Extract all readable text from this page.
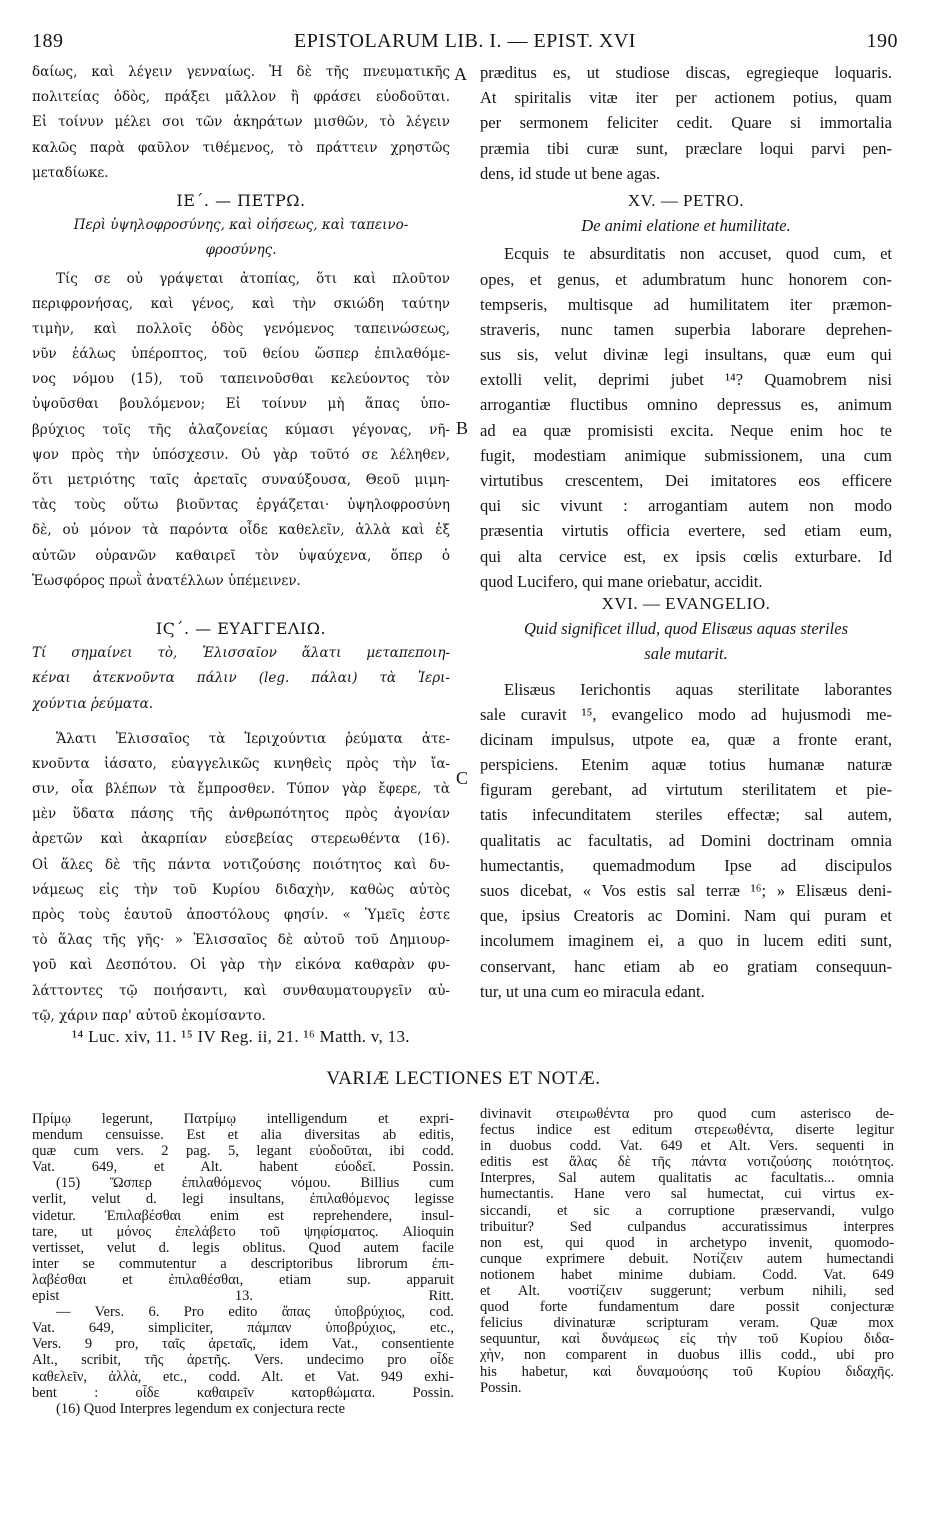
189	EPISTOLARUM LIB. I. — EPIST. XVI	190
δαίως, καὶ λέγειν γενναίως. Ἡ δὲ τῆς πνευματικῆς
πολιτείας ὁδὸς, πράξει μᾶλλον ἢ φράσει εὐοδοῦται.
Εἰ τοίνυν μέλει σοι τῶν ἀκηράτων μισθῶν, τὸ λέγειν
καλῶς παρὰ φαῦλον τιθέμενος, τὸ πράττειν χρηστῶς
μεταδίωκε.
ΙΕ΄. — ΠΕΤΡΩ.
Περὶ ὑψηλοφροσύνης, καὶ οἰήσεως, καὶ ταπεινο-
φροσύνης.
Τίς σε οὐ γράψεται ἀτοπίας, ὅτι καὶ πλοῦτον
περιφρονήσας, καὶ γένος, καὶ τὴν σκιώδη ταύτην
τιμὴν, καὶ πολλοῖς ὁδὸς γενόμενος ταπεινώσεως,
νῦν ἑάλως ὑπέροπτος, τοῦ θείου ὥσπερ ἐπιλαθόμε-
νος νόμου (15), τοῦ ταπεινοῦσθαι κελεύοντος τὸν
ὑψοῦσθαι βουλόμενον; Εἰ τοίνυν μὴ ἅπας ὑπο-
βρύχιος τοῖς τῆς ἀλαζονείας κύμασι γέγονας, νῆ-
ψον πρὸς τὴν ὑπόσχεσιν. Οὐ γὰρ τοῦτό σε λέληθεν,
ὅτι μετριότης ταῖς ἀρεταῖς συναύξουσα, Θεοῦ μιμη-
τὰς τοὺς οὕτω βιοῦντας ἐργάζεται· ὑψηλοφροσύνη
δὲ, οὐ μόνον τὰ παρόντα οἶδε καθελεῖν, ἀλλὰ καὶ ἐξ
αὐτῶν οὐρανῶν καθαιρεῖ τὸν ὑψαύχενα, ὅπερ ὁ
Ἑωσφόρος πρωῒ ἀνατέλλων ὑπέμεινεν.
ΙϚ΄. — ΕΥΑΓΓΕΛΙΩ.
Τί σημαίνει τὸ, Ἐλισσαῖον ἅλατι μεταπεποιη-
κέναι ἀτεκνοῦντα πάλιν (leg. πάλαι) τὰ Ἱερι-
χούντια ῥεύματα.
Ἅλατι Ἐλισσαῖος τὰ Ἱεριχούντια ῥεύματα ἀτε-
κνοῦντα ἰάσατο, εὐαγγελικῶς κινηθεὶς πρὸς τὴν ἴα-
σιν, οἷα βλέπων τὰ ἔμπροσθεν. Τύπον γὰρ ἔφερε, τὰ
μὲν ὕδατα πάσης τῆς ἀνθρωπότητος πρὸς ἀγονίαν
ἀρετῶν καὶ ἀκαρπίαν εὐσεβείας στερεωθέντα (16).
Οἱ ἅλες δὲ τῆς πάντα νοτιζούσης ποιότητος καὶ δυ-
νάμεως εἰς τὴν τοῦ Κυρίου διδαχὴν, καθὼς αὐτὸς
πρὸς τοὺς ἑαυτοῦ ἀποστόλους φησίν. « Ὑμεῖς ἐστε
τὸ ἅλας τῆς γῆς· » Ἐλισσαῖος δὲ αὐτοῦ τοῦ Δημιουρ-
γοῦ καὶ Δεσπότου. Οἱ γὰρ τὴν εἰκόνα καθαρὰν φυ-
λάττοντες τῷ ποιήσαντι, καὶ συνθαυματουργεῖν αὐ-
τῷ, χάριν παρ' αὐτοῦ ἐκομίσαντο.
præditus es, ut studiose discas, egregieque loquaris.
At spiritalis vitæ iter per actionem potius, quam
per sermonem feliciter cedit. Quare si immortalia
præmia tibi curæ sunt, præclare loqui parvi pen-
dens, id stude ut bene agas.
XV. — PETRO.
De animi elatione et humilitate.
Ecquis te absurditatis non accuset, quod cum, et
opes, et genus, et adumbratum hunc honorem con-
tempseris, multisque ad humilitatem iter præmon-
straveris, nunc tamen superbia laborare deprehen-
sus sis, velut divinæ legi insultans, quæ eum qui
extolli velit, deprimi jubet ¹⁴? Quamobrem nisi
arrogantiæ fluctibus omnino depressus es, animum
ad ea quæ promisisti excita. Neque enim hoc te
fugit, modestiam animique submissionem, una cum
virtutibus crescentem, Dei imitatores eos efficere
qui sic vivunt : arrogantiam autem non modo
præsentia virtutis officia evertere, sed etiam eum,
qui alta cervice est, ex ipsis cœlis exturbare. Id
quod Lucifero, qui mane oriebatur, accidit.
XVI. — EVANGELIO.
Quid significet illud, quod Elisæus aquas steriles
sale mutarit.
Elisæus Ierichontis aquas sterilitate laborantes
sale curavit ¹⁵, evangelico modo ad hujusmodi me-
dicinam impulsus, utpote ea, quæ a fronte erant,
perspiciens. Etenim aquæ totius humanæ naturæ
figuram gerebant, ad virtutum sterilitatem et pie-
tatis infecunditatem steriles effectæ; sal autem,
qualitatis ac facultatis, ad Domini doctrinam omnia
humectantis, quemadmodum Ipse ad discipulos
suos dicebat, « Vos estis sal terræ ¹⁶; » Elisæus deni-
que, ipsius Creatoris ac Domini. Nam qui puram et
incolumem imaginem ei, a quo in lucem editi sunt,
conservant, hanc etiam ab eo gratiam consequun-
tur, ut una cum eo miracula edant.
A
B
C
¹⁴ Luc. xiv, 11. ¹⁵ IV Reg. ii, 21. ¹⁶ Matth. v, 13.
VARIÆ LECTIONES ET NOTÆ.
Πρίμῳ legerunt, Πατρίμῳ intelligendum et expri-
mendum censuisse. Est et alia diversitas ab editis,
quæ cum vers. 2 pag. 5, legant εὐοδοῦται, ibi codd.
Vat. 649, et Alt. habent εὐοδεῖ. Possin.
(15) Ὥσπερ ἐπιλαθόμενος νόμου. Billius cum
verlit, velut d. legi insultans, ἐπιλαθόμενος legisse
videtur. Ἐπιλαβέσθαι enim est reprehendere, insul-
tare, ut μόνος ἐπελάβετο τοῦ ψηφίσματος. Alioquin
vertisset, velut d. legis oblitus. Quod autem facile
inter se commutentur a descriptoribus librorum ἐπι-
λαβέσθαι et ἐπιλαθέσθαι, etiam sup. apparuit
epist 13. Ritt.
— Vers. 6. Pro edito ἅπας ὑποβρύχιος, cod.
Vat. 649, simpliciter, πάμπαν ὑποβρύχιος, etc.,
Vers. 9 pro, ταῖς ἀρεταῖς, idem Vat., consentiente
Alt., scribit, τῆς ἀρετῆς. Vers. undecimo pro οἶδε
καθελεῖν, ἀλλὰ, etc., codd. Alt. et Vat. 949 exhi-
bent : οἶδε καθαιρεῖν κατορθώματα. Possin.
(16) Quod Interpres legendum ex conjectura recte
divinavit στειρωθέντα pro quod cum asterisco de-
fectus indice est editum στερεωθέντα, diserte legitur
in duobus codd. Vat. 649 et Alt. Vers. sequenti in
editis est ἅλας δὲ τῆς πάντα νοτιζούσης ποιότητος.
Interpres, Sal autem qualitatis ac facultatis... omnia
humectantis. Hane vero sal humectat, cui virtus ex-
siccandi, et sic a corruptione præservandi, vulgo
tribuitur? Sed culpandus accuratissimus interpres
non est, qui quod in archetypo invenit, quomodo-
cunque exprimere debuit. Νοτίζειν autem humectandi
notionem habet minime dubiam. Codd. Vat. 649
et Alt. νοστίζειν suggerunt; verbum nihili, sed
quod forte fundamentum dare possit conjecturæ
felicius divinaturæ scripturam veram. Quæ mox
sequuntur, καὶ δυνάμεως εἰς τὴν τοῦ Κυρίου διδα-
χὴν, non comparent in duobus illis codd., ubi pro
his habetur, καὶ δυναμούσης τοῦ Κυρίου διδαχῆς.
Possin.
